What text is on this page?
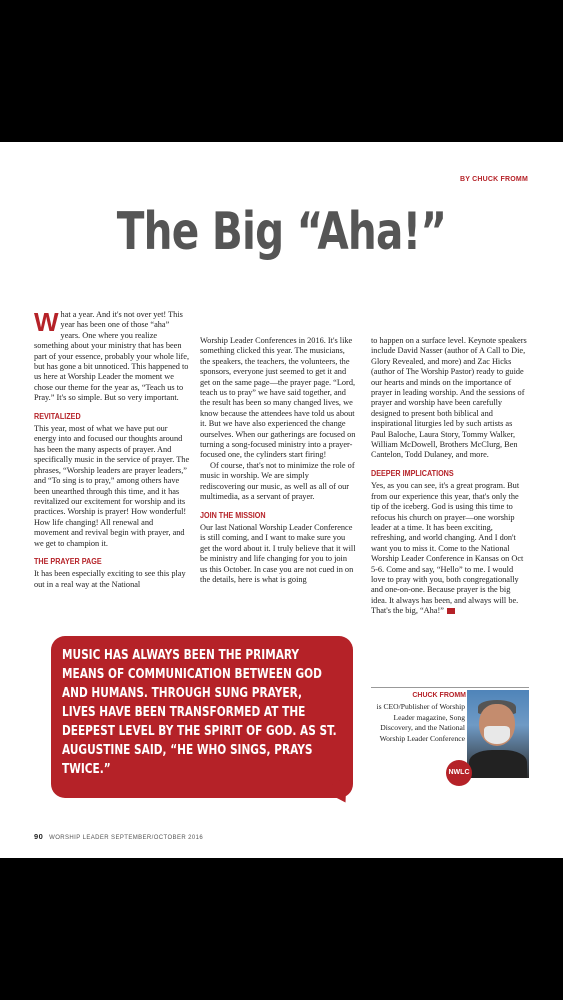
BY CHUCK FROMM
The Big “Aha!”

What a year. And it's not over yet! This year has been one of those “aha” years. One where you realize something about your ministry that has been part of your essence, probably your whole life, but has gone a bit unnoticed. This happened to us here at Worship Leader the moment we chose our theme for the year as, “Teach us to Pray.” It's so simple. But so very important.

REVITALIZED

This year, most of what we have put our energy into and focused our thoughts around has been the many aspects of prayer. And specifically music in the service of prayer. The phrases, “Worship leaders are prayer leaders,” and “To sing is to pray,” among others have been unearthed through this time, and it has revitalized our excitement for worship and its practices. Worship is prayer! How wonderful! How life changing! All renewal and movement and revival begin with prayer, and we get to champion it.

THE PRAYER PAGE

It has been especially exciting to see this play out in a real way at the National

Worship Leader Conferences in 2016. It's like something clicked this year. The musicians, the speakers, the teachers, the volunteers, the sponsors, everyone just seemed to get it and get on the same page—the prayer page. “Lord, teach us to pray” we have said together, and the result has been so many changed lives, we know because the attendees have told us about it. But we have also experienced the change ourselves. When our gatherings are focused on turning a song-focused ministry into a prayer-focused one, the cylinders start firing!

Of course, that's not to minimize the role of music in worship. We are simply rediscovering our music, as well as all of our multimedia, as a servant of prayer.

JOIN THE MISSION

Our last National Worship Leader Conference is still coming, and I want to make sure you get the word about it. I truly believe that it will be ministry and life changing for you to join us this October. In case you are not cued in on the details, here is what is going

to happen on a surface level. Keynote speakers include David Nasser (author of A Call to Die, Glory Revealed, and more) and Zac Hicks (author of The Worship Pastor) ready to guide our hearts and minds on the importance of prayer in leading worship. And the sessions of prayer and worship have been carefully designed to present both biblical and inspirational liturgies led by such artists as Paul Baloche, Laura Story, Tommy Walker, William McDowell, Brothers McClurg, Ben Cantelon, Todd Dulaney, and more.

DEEPER IMPLICATIONS

Yes, as you can see, it's a great program. But from our experience this year, that's only the tip of the iceberg. God is using this time to refocus his church on prayer—one worship leader at a time. It has been exciting, refreshing, and world changing. And I don't want you to miss it. Come to the National Worship Leader Conference in Kansas on Oct 5-6. Come and say, “Hello” to me. I would love to pray with you, both congregationally and one-on-one. Because prayer is the big idea. It always has been, and always will be. That's the big, “Aha!”

MUSIC HAS ALWAYS BEEN THE PRIMARY MEANS OF COMMUNICATION BETWEEN GOD AND HUMANS. THROUGH SUNG PRAYER, LIVES HAVE BEEN TRANSFORMED AT THE DEEPEST LEVEL BY THE SPIRIT OF GOD. AS ST. AUGUSTINE SAID, “HE WHO SINGS, PRAYS TWICE.”
CHUCK FROMM
is CEO/Publisher of Worship Leader magazine, Song Discovery, and the National Worship Leader Conference
NWLC
90 WORSHIP LEADER SEPTEMBER/OCTOBER 2016
